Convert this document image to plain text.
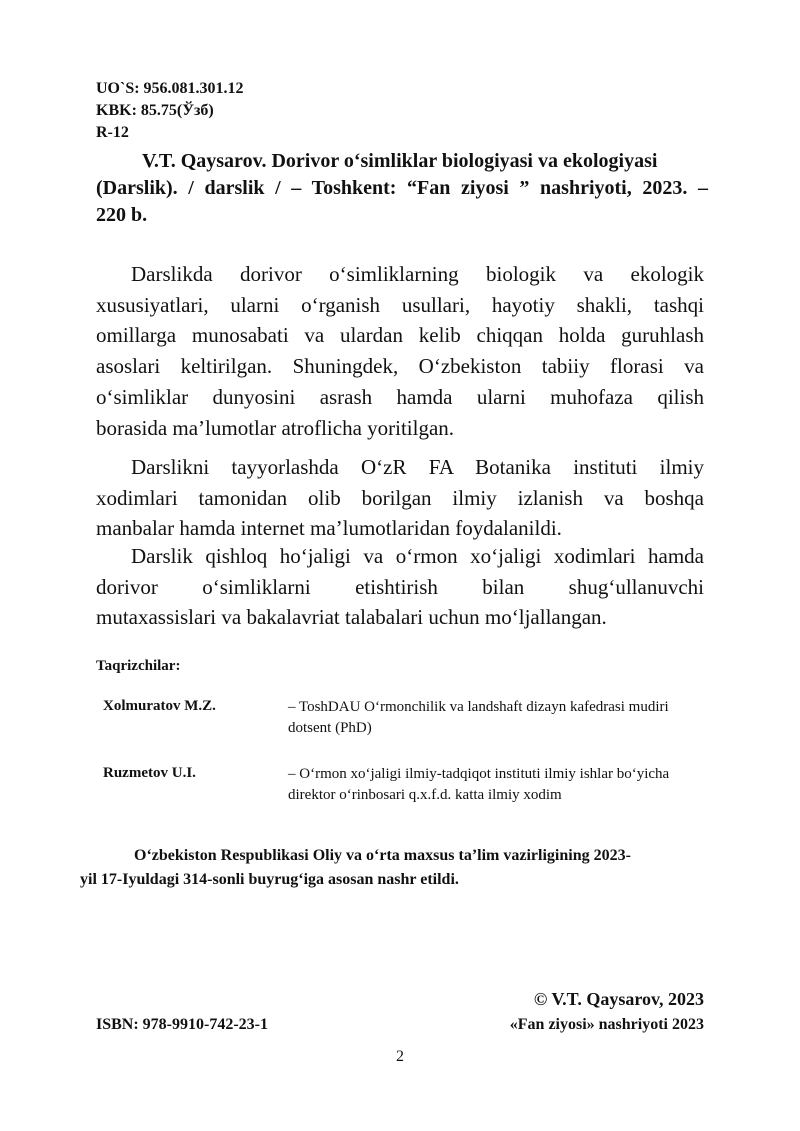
UO`S: 956.081.301.12
KBK: 85.75(Ўзб)
R-12
V.T. Qaysarov. Dorivor oʻsimliklar biologiyasi va ekologiyasi
(Darslik). / darslik / – Toshkent: “Fan ziyosi ” nashriyoti, 2023. –
220 b.
Darslikda dorivor oʻsimliklarning biologik va ekologik
xususiyatlari, ularni oʻrganish usullari, hayotiy shakli, tashqi
omillarga munosabati va ulardan kelib chiqqan holda guruhlash
asoslari keltirilgan. Shuningdek, Oʻzbekiston tabiiy florasi va
oʻsimliklar dunyosini asrash hamda ularni muhofaza qilish
borasida maʼlumotlar atroflicha yoritilgan.
Darslikni tayyorlashda OʻzR FA Botanika instituti ilmiy
xodimlari tamonidan olib borilgan ilmiy izlanish va boshqa
manbalar hamda internet maʼlumotlaridan foydalanildi.
Darslik qishloq hoʻjaligi va oʻrmon xoʻjaligi xodimlari hamda
dorivor oʻsimliklarni etishtirish bilan shugʻullanuvchi
mutaxassislari va bakalavriat talabalari uchun moʻljallangan.
Taqrizchilar:
Xolmuratov M.Z.	– ToshDAU Oʻrmonchilik va landshaft dizayn kafedrasi mudiri
dotsent (PhD)
Ruzmetov U.I.	– Oʻrmon xoʻjaligi ilmiy-tadqiqot instituti ilmiy ishlar boʻyicha
direktor oʻrinbosari q.x.f.d. katta ilmiy xodim
Oʻzbekiston Respublikasi Oliy va oʻrta maxsus taʼlim vazirligining 2023-
yil 17-Iyuldagi 314-sonli buyrugʻiga asosan nashr etildi.
© V.T. Qaysarov, 2023
ISBN: 978-9910-742-23-1	«Fan ziyosi» nashriyoti 2023
2
